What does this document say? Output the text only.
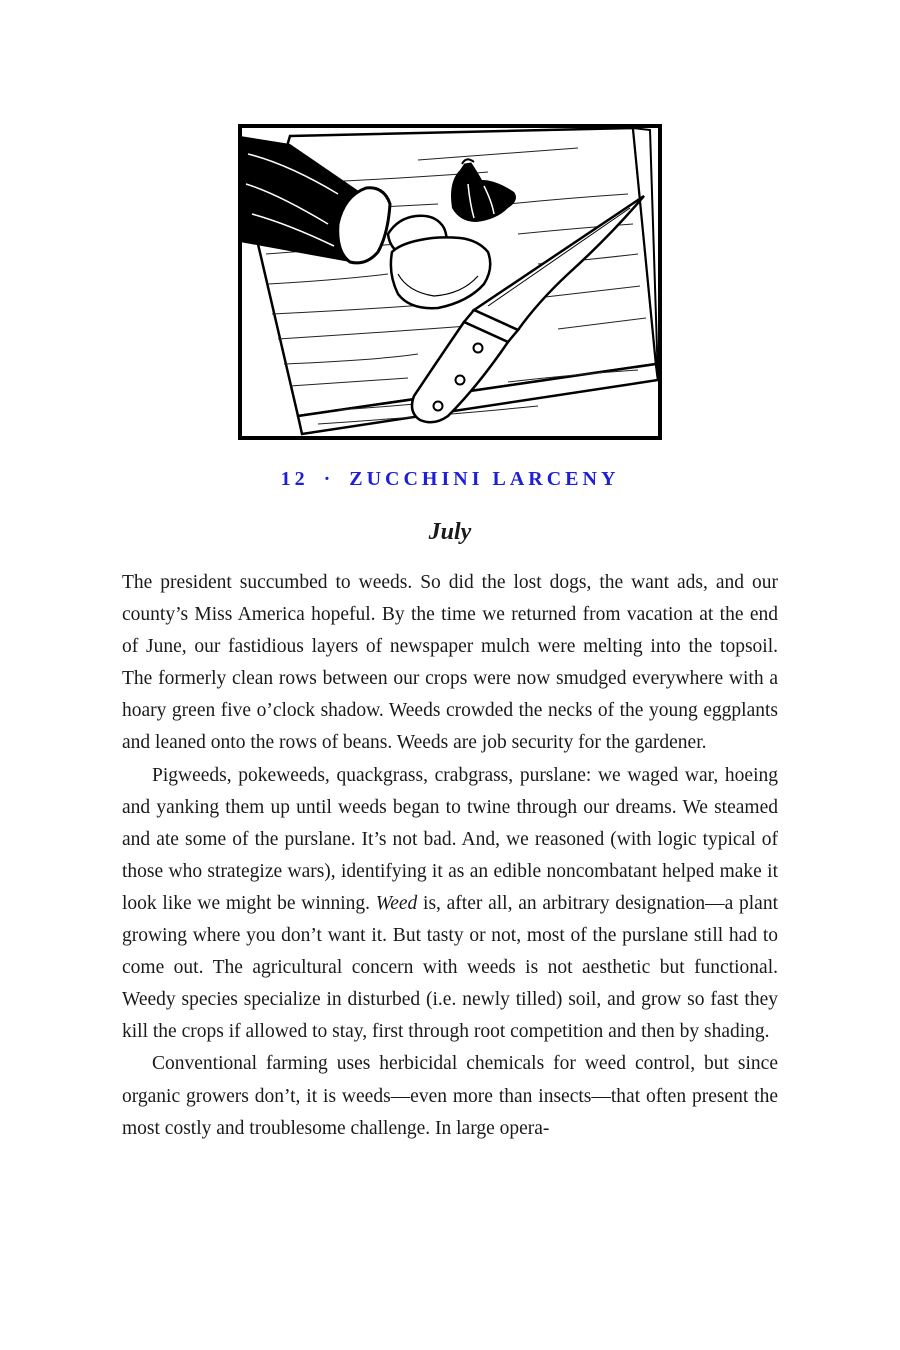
12 · ZUCCHINI LARCENY
July

The president succumbed to weeds. So did the lost dogs, the want ads, and our county’s Miss America hopeful. By the time we returned from vacation at the end of June, our fastidious layers of newspaper mulch were melting into the topsoil. The formerly clean rows between our crops were now smudged everywhere with a hoary green five o’clock shadow. Weeds crowded the necks of the young eggplants and leaned onto the rows of beans. Weeds are job security for the gardener.

Pigweeds, pokeweeds, quackgrass, crabgrass, purslane: we waged war, hoeing and yanking them up until weeds began to twine through our dreams. We steamed and ate some of the purslane. It’s not bad. And, we reasoned (with logic typical of those who strategize wars), identifying it as an edible noncombatant helped make it look like we might be winning. Weed is, after all, an arbitrary designation—a plant growing where you don’t want it. But tasty or not, most of the purslane still had to come out. The agricultural concern with weeds is not aesthetic but functional. Weedy species specialize in disturbed (i.e. newly tilled) soil, and grow so fast they kill the crops if allowed to stay, first through root competition and then by shading.

Conventional farming uses herbicidal chemicals for weed control, but since organic growers don’t, it is weeds—even more than insects—that often present the most costly and troublesome challenge. In large opera-
